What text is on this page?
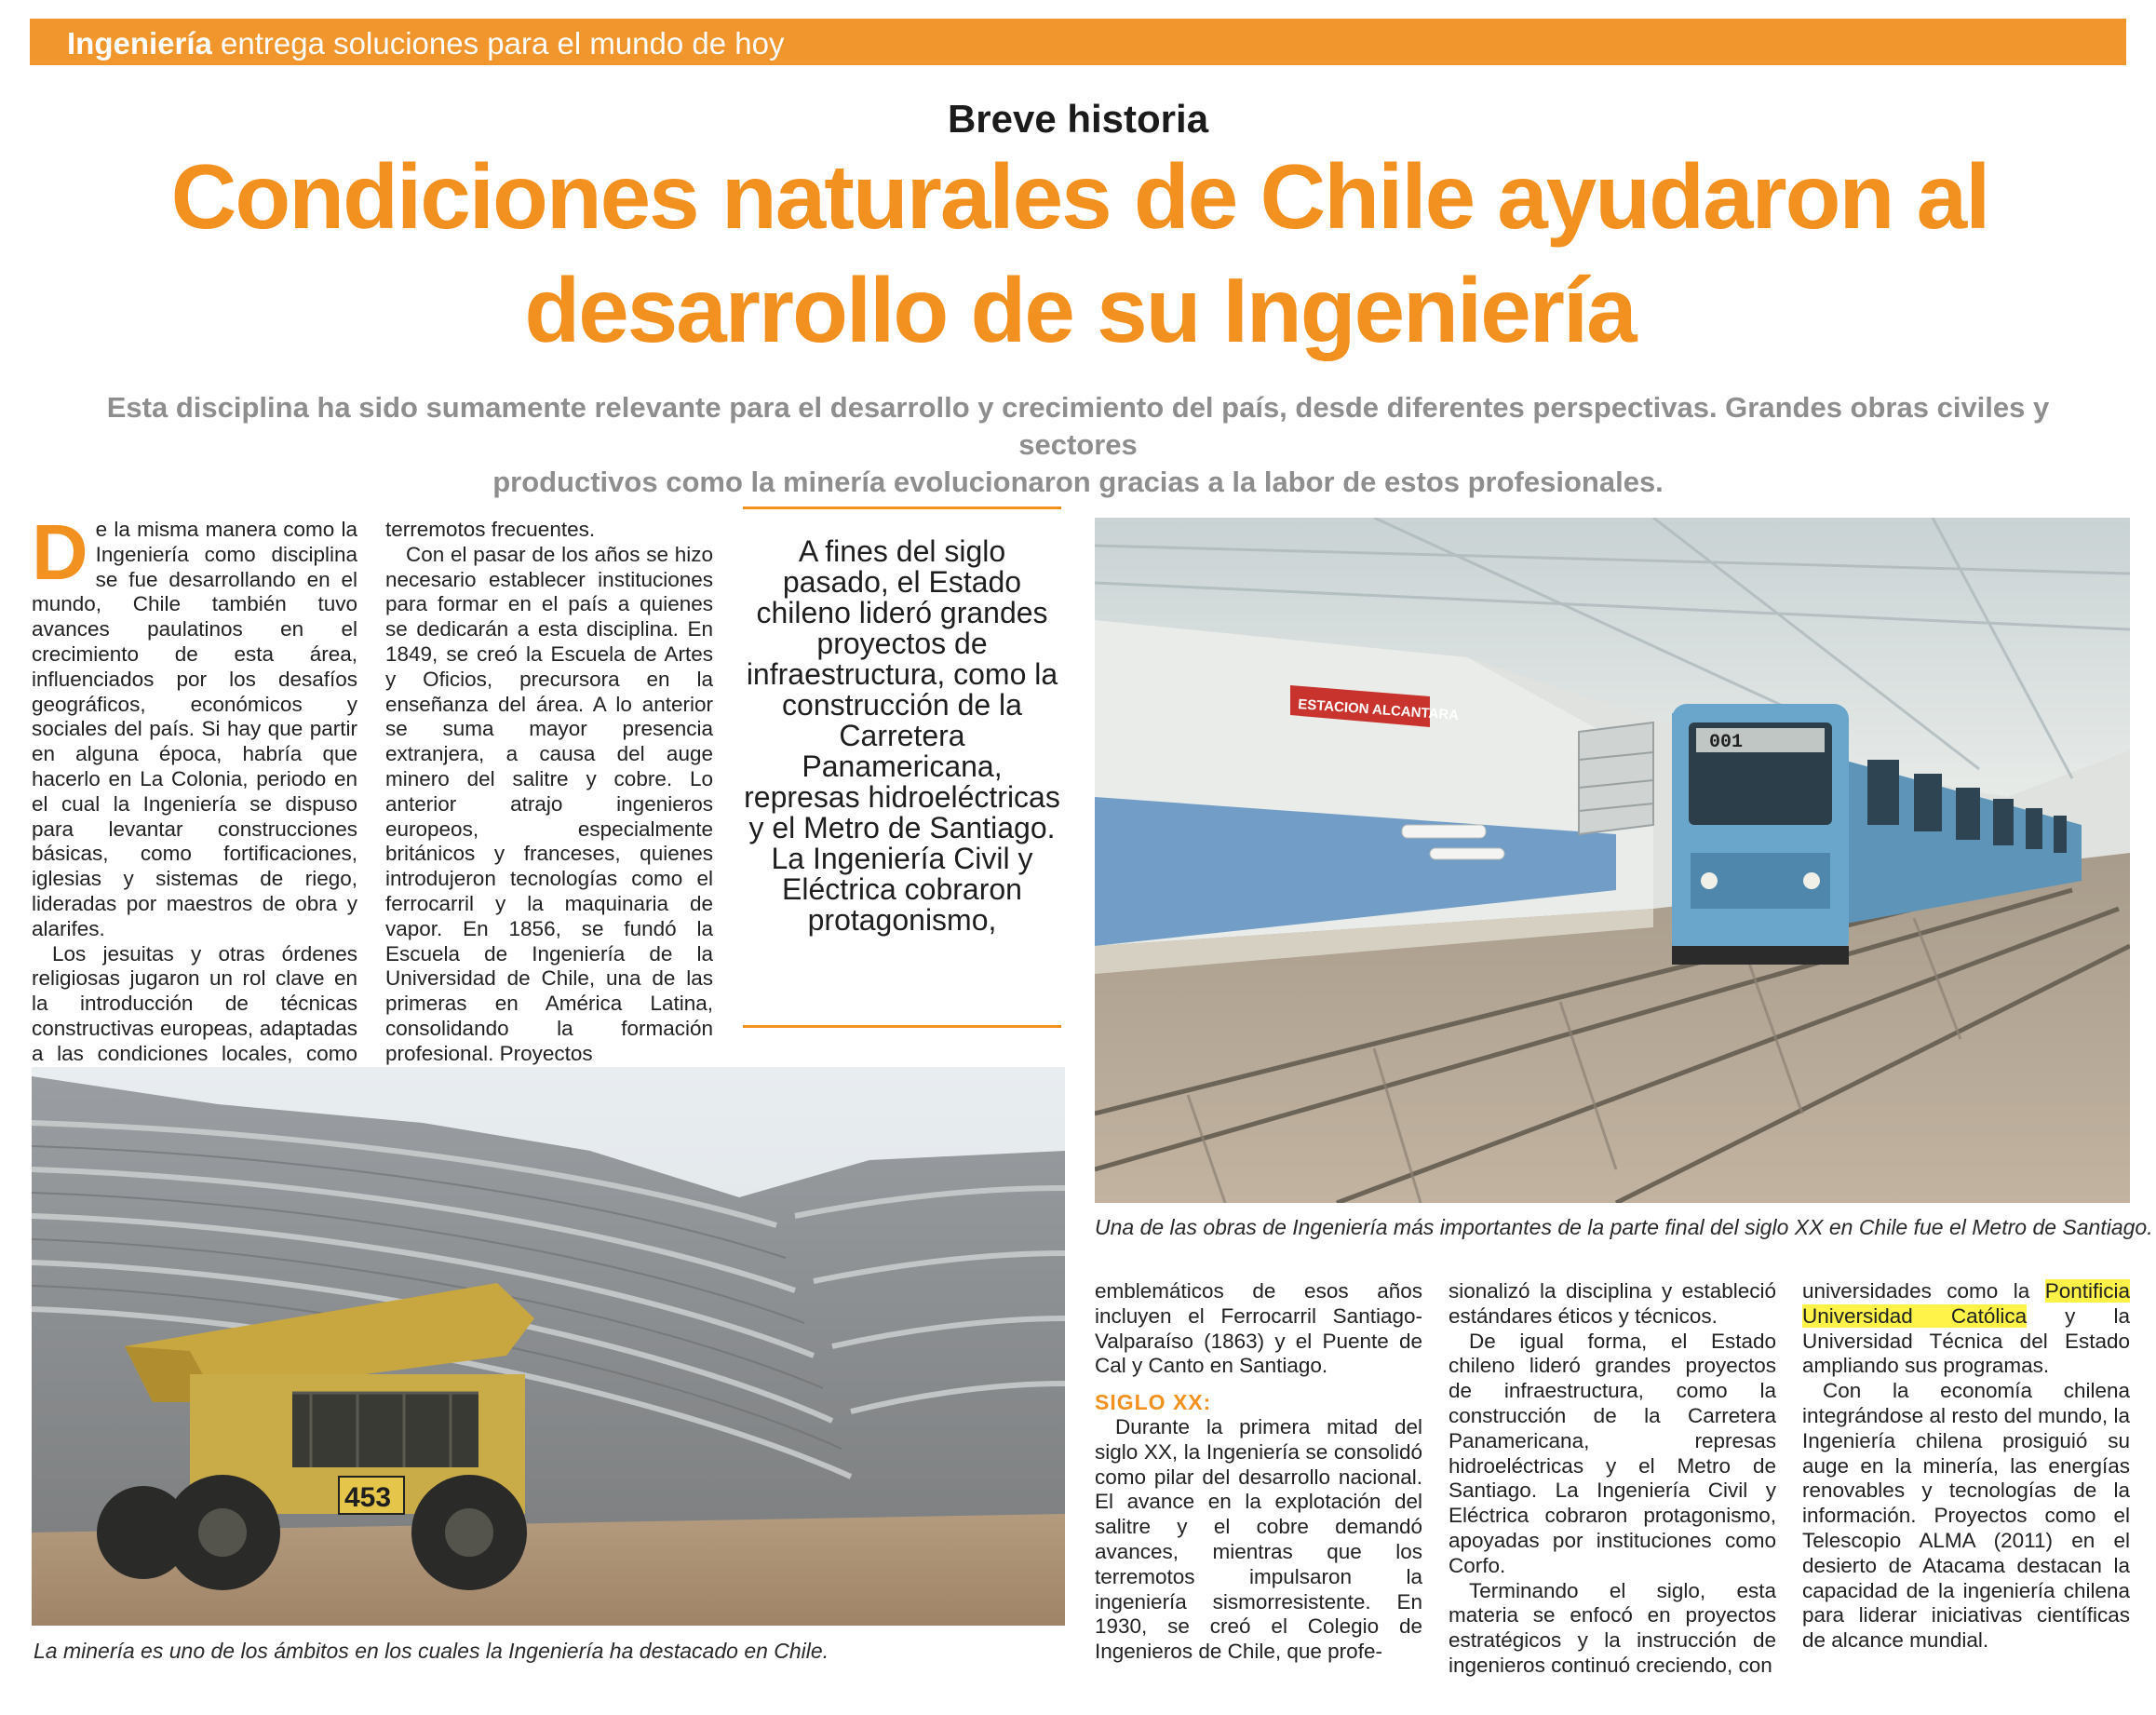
Ingeniería entrega soluciones para el mundo de hoy
Breve historia
Condiciones naturales de Chile ayudaron al
desarrollo de su Ingeniería
Esta disciplina ha sido sumamente relevante para el desarrollo y crecimiento del país, desde diferentes perspectivas. Grandes obras civiles y sectores
productivos como la minería evolucionaron gracias a la labor de estos profesionales.

De la misma manera como la Ingeniería como disciplina se fue desarrollando en el mundo, Chile también tuvo avances paulatinos en el crecimiento de esta área, influenciados por los desafíos geográficos, económicos y sociales del país. Si hay que partir en alguna época, habría que hacerlo en La Colonia, periodo en el cual la Ingeniería se dispuso para levantar construcciones básicas, como fortificaciones, iglesias y sistemas de riego, lideradas por maestros de obra y alarifes.

Los jesuitas y otras órdenes religiosas jugaron un rol clave en la introducción de técnicas constructivas europeas, adaptadas a las condiciones locales, como

terremotos frecuentes.

Con el pasar de los años se hizo necesario establecer instituciones para formar en el país a quienes se dedicarán a esta disciplina. En 1849, se creó la Escuela de Artes y Oficios, precursora en la enseñanza del área. A lo anterior se suma mayor presencia extranjera, a causa del auge minero del salitre y cobre. Lo anterior atrajo ingenieros europeos, especialmente británicos y franceses, quienes introdujeron tecnologías como el ferrocarril y la maquinaria de vapor. En 1856, se fundó la Escuela de Ingeniería de la Universidad de Chile, una de las primeras en América Latina, consolidando la formación profesional. Proyectos

A fines del siglo pasado, el Estado chileno lideró grandes proyectos de infraestructura, como la construcción de la Carretera Panamericana, represas hidroeléctricas y el Metro de Santiago. La Ingeniería Civil y Eléctrica cobraron protagonismo,
ESTACION ALCANTARA
001
Una de las obras de Ingeniería más importantes de la parte final del siglo XX en Chile fue el Metro de Santiago.
453
La minería es uno de los ámbitos en los cuales la Ingeniería ha destacado en Chile.

emblemáticos de esos años incluyen el Ferrocarril Santiago-Valparaíso (1863) y el Puente de Cal y Canto en Santiago.

SIGLO XX:

Durante la primera mitad del siglo XX, la Ingeniería se consolidó como pilar del desarrollo nacional. El avance en la explotación del salitre y el cobre demandó avances, mientras que los terremotos impulsaron la ingeniería sismorresistente. En 1930, se creó el Colegio de Ingenieros de Chile, que profe-

sionalizó la disciplina y estableció estándares éticos y técnicos.

De igual forma, el Estado chileno lideró grandes proyectos de infraestructura, como la construcción de la Carretera Panamericana, represas hidroeléctricas y el Metro de Santiago. La Ingeniería Civil y Eléctrica cobraron protagonismo, apoyadas por instituciones como Corfo.

Terminando el siglo, esta materia se enfocó en proyectos estratégicos y la instrucción de ingenieros continuó creciendo, con

universidades como la Pontificia Universidad Católica y la Universidad Técnica del Estado ampliando sus programas.

Con la economía chilena integrándose al resto del mundo, la Ingeniería chilena prosiguió su auge en la minería, las energías renovables y tecnologías de la información. Proyectos como el Telescopio ALMA (2011) en el desierto de Atacama destacan la capacidad de la ingeniería chilena para liderar iniciativas científicas de alcance mundial.
